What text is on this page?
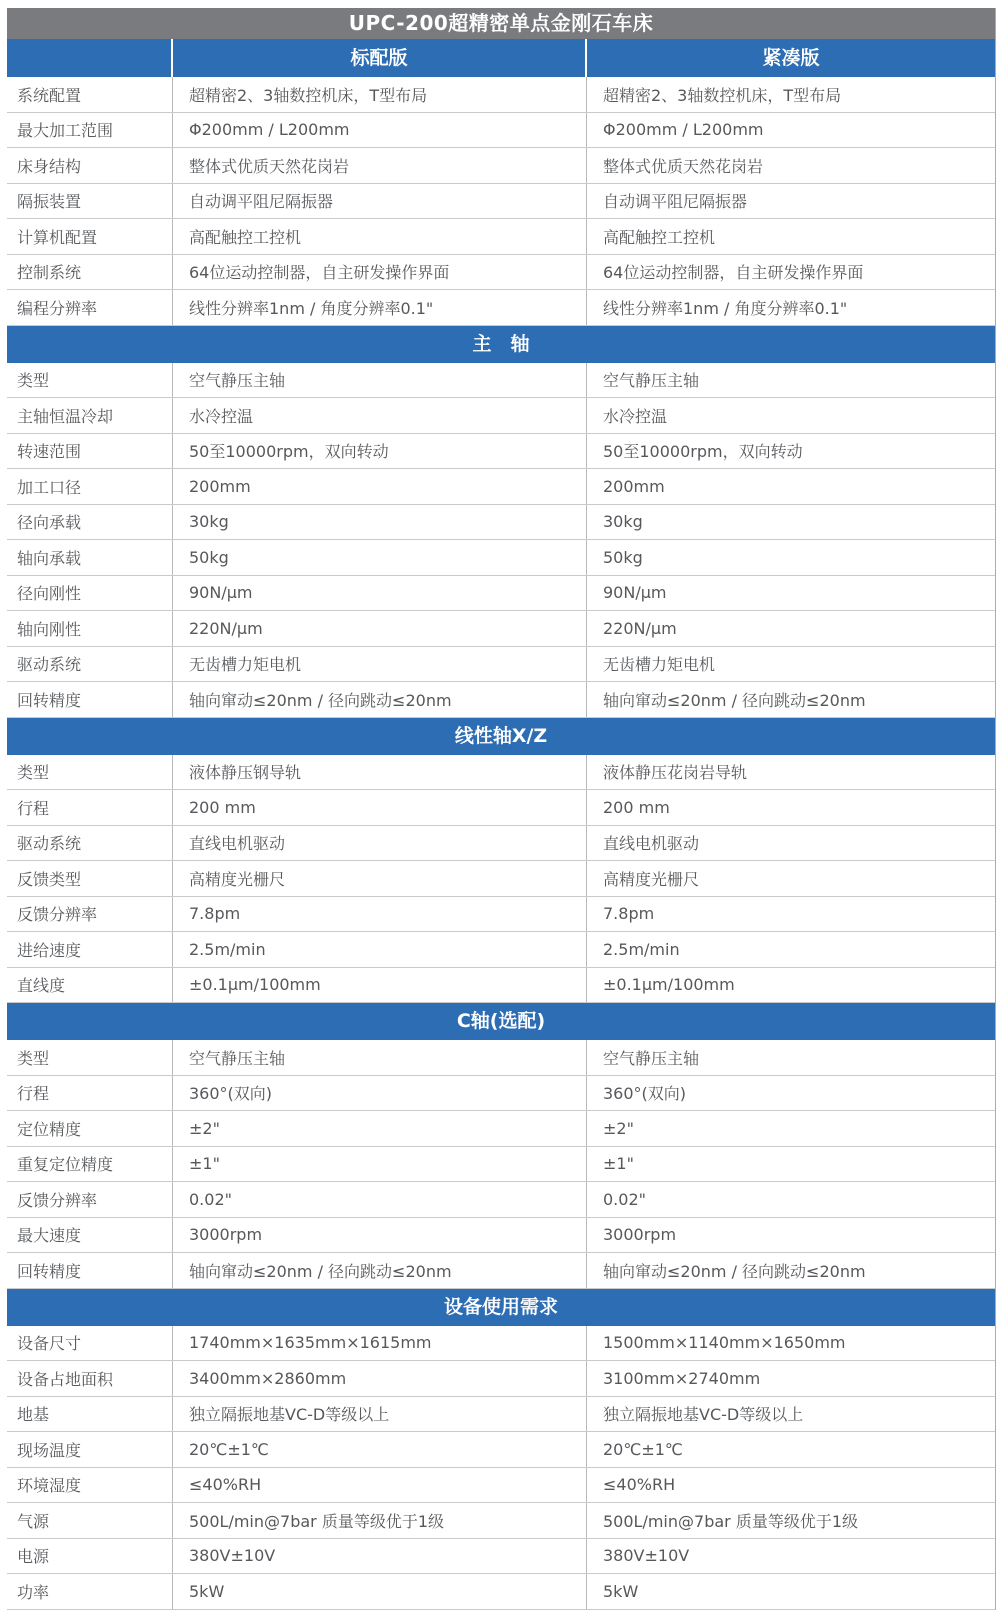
UPC-200超精密单点金刚石车床
标配版	紧凑版
系统配置	超精密2、3轴数控机床，T型布局	超精密2、3轴数控机床，T型布局
最大加工范围	Φ200mm / L200mm	Φ200mm / L200mm
床身结构	整体式优质天然花岗岩	整体式优质天然花岗岩
隔振装置	自动调平阻尼隔振器	自动调平阻尼隔振器
计算机配置	高配触控工控机	高配触控工控机
控制系统	64位运动控制器，自主研发操作界面	64位运动控制器，自主研发操作界面
编程分辨率	线性分辨率1nm / 角度分辨率0.1"	线性分辨率1nm / 角度分辨率0.1"
主　轴
类型	空气静压主轴	空气静压主轴
主轴恒温冷却	水冷控温	水冷控温
转速范围	50至10000rpm，双向转动	50至10000rpm，双向转动
加工口径	200mm	200mm
径向承载	30kg	30kg
轴向承载	50kg	50kg
径向刚性	90N/μm	90N/μm
轴向刚性	220N/μm	220N/μm
驱动系统	无齿槽力矩电机	无齿槽力矩电机
回转精度	轴向窜动≤20nm / 径向跳动≤20nm	轴向窜动≤20nm / 径向跳动≤20nm
线性轴X/Z
类型	液体静压钢导轨	液体静压花岗岩导轨
行程	200 mm	200 mm
驱动系统	直线电机驱动	直线电机驱动
反馈类型	高精度光栅尺	高精度光栅尺
反馈分辨率	7.8pm	7.8pm
进给速度	2.5m/min	2.5m/min
直线度	±0.1μm/100mm	±0.1μm/100mm
C轴(选配)
类型	空气静压主轴	空气静压主轴
行程	360°(双向)	360°(双向)
定位精度	±2"	±2"
重复定位精度	±1"	±1"
反馈分辨率	0.02"	0.02"
最大速度	3000rpm	3000rpm
回转精度	轴向窜动≤20nm / 径向跳动≤20nm	轴向窜动≤20nm / 径向跳动≤20nm
设备使用需求
设备尺寸	1740mm×1635mm×1615mm	1500mm×1140mm×1650mm
设备占地面积	3400mm×2860mm	3100mm×2740mm
地基	独立隔振地基VC-D等级以上	独立隔振地基VC-D等级以上
现场温度	20℃±1℃	20℃±1℃
环境湿度	≤40%RH	≤40%RH
气源	500L/min@7bar 质量等级优于1级	500L/min@7bar 质量等级优于1级
电源	380V±10V	380V±10V
功率	5kW	5kW
